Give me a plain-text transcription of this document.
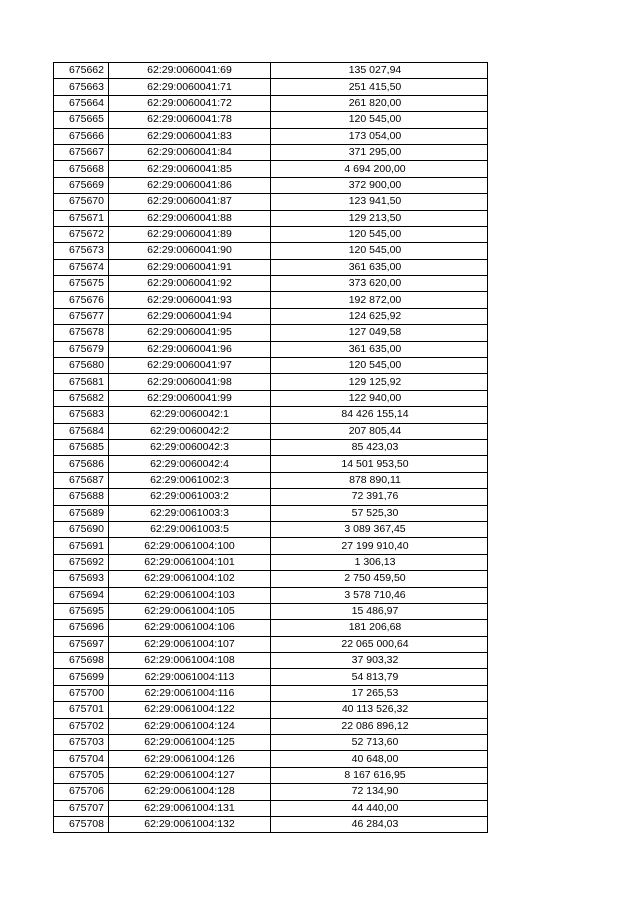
675662	62:29:0060041:69	135 027,94
675663	62:29:0060041:71	251 415,50
675664	62:29:0060041:72	261 820,00
675665	62:29:0060041:78	120 545,00
675666	62:29:0060041:83	173 054,00
675667	62:29:0060041:84	371 295,00
675668	62:29:0060041:85	4 694 200,00
675669	62:29:0060041:86	372 900,00
675670	62:29:0060041:87	123 941,50
675671	62:29:0060041:88	129 213,50
675672	62:29:0060041:89	120 545,00
675673	62:29:0060041:90	120 545,00
675674	62:29:0060041:91	361 635,00
675675	62:29:0060041:92	373 620,00
675676	62:29:0060041:93	192 872,00
675677	62:29:0060041:94	124 625,92
675678	62:29:0060041:95	127 049,58
675679	62:29:0060041:96	361 635,00
675680	62:29:0060041:97	120 545,00
675681	62:29:0060041:98	129 125,92
675682	62:29:0060041:99	122 940,00
675683	62:29:0060042:1	84 426 155,14
675684	62:29:0060042:2	207 805,44
675685	62:29:0060042:3	85 423,03
675686	62:29:0060042:4	14 501 953,50
675687	62:29:0061002:3	878 890,11
675688	62:29:0061003:2	72 391,76
675689	62:29:0061003:3	57 525,30
675690	62:29:0061003:5	3 089 367,45
675691	62:29:0061004:100	27 199 910,40
675692	62:29:0061004:101	1 306,13
675693	62:29:0061004:102	2 750 459,50
675694	62:29:0061004:103	3 578 710,46
675695	62:29:0061004:105	15 486,97
675696	62:29:0061004:106	181 206,68
675697	62:29:0061004:107	22 065 000,64
675698	62:29:0061004:108	37 903,32
675699	62:29:0061004:113	54 813,79
675700	62:29:0061004:116	17 265,53
675701	62:29:0061004:122	40 113 526,32
675702	62:29:0061004:124	22 086 896,12
675703	62:29:0061004:125	52 713,60
675704	62:29:0061004:126	40 648,00
675705	62:29:0061004:127	8 167 616,95
675706	62:29:0061004:128	72 134,90
675707	62:29:0061004:131	44 440,00
675708	62:29:0061004:132	46 284,03
